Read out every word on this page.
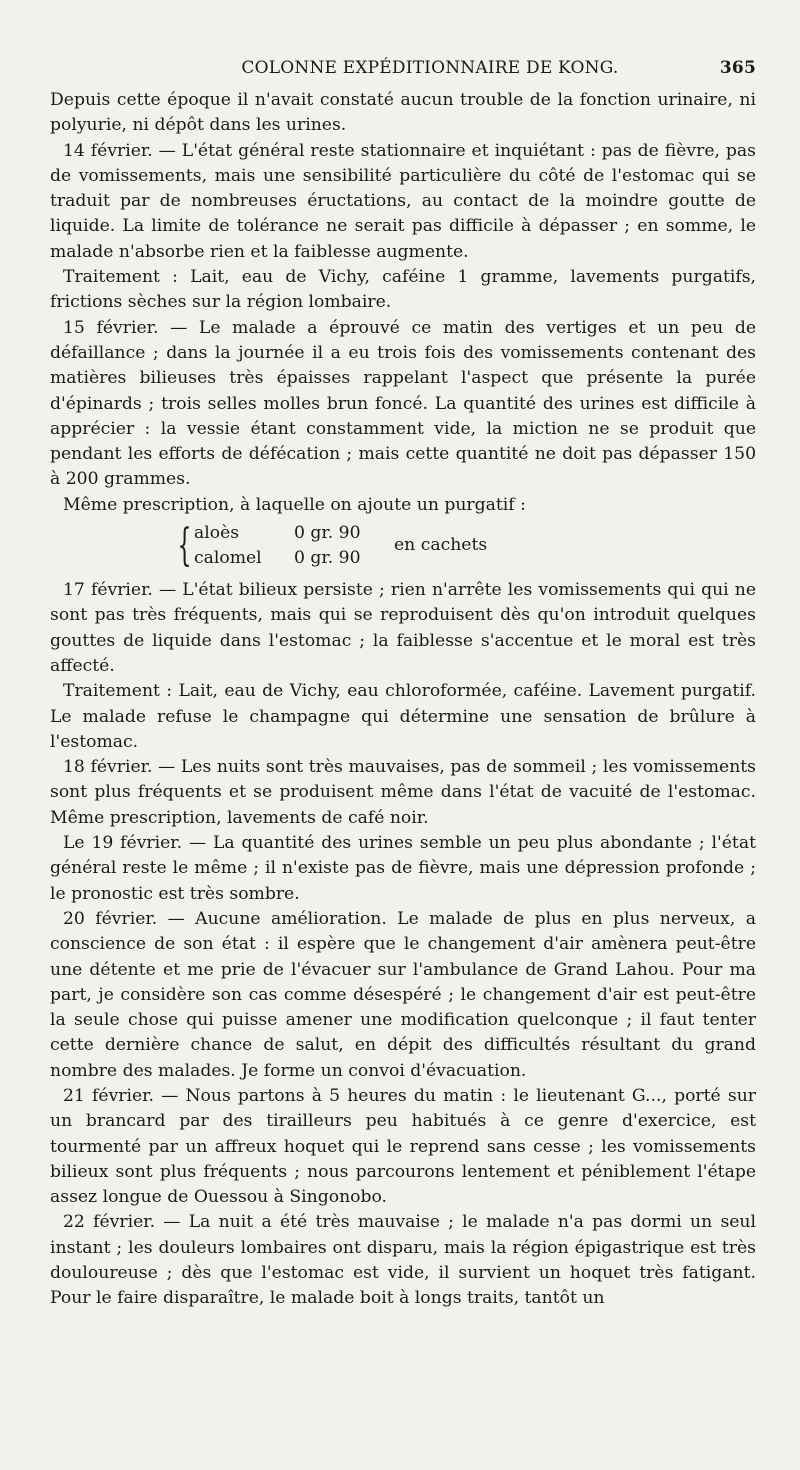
COLONNE EXPÉDITIONNAIRE DE KONG.	365

Depuis cette époque il n'avait constaté aucun trouble de la fonction urinaire, ni polyurie, ni dépôt dans les urines.

14 février. — L'état général reste stationnaire et inquiétant : pas de fièvre, pas de vomissements, mais une sensibilité particulière du côté de l'estomac qui se traduit par de nombreuses éructations, au contact de la moindre goutte de liquide. La limite de tolérance ne serait pas difficile à dépasser ; en somme, le malade n'absorbe rien et la faiblesse augmente.

Traitement : Lait, eau de Vichy, caféine 1 gramme, lavements purgatifs, frictions sèches sur la région lombaire.

15 février. — Le malade a éprouvé ce matin des vertiges et un peu de défaillance ; dans la journée il a eu trois fois des vomissements contenant des matières bilieuses très épaisses rappelant l'aspect que présente la purée d'épinards ; trois selles molles brun foncé. La quantité des urines est difficile à apprécier : la vessie étant constamment vide, la miction ne se produit que pendant les efforts de défécation ; mais cette quantité ne doit pas dépasser 150 à 200 grammes.

Même prescription, à laquelle on ajoute un purgatif :

{ aloès	0 gr. 90
calomel	0 gr. 90
en cachets

17 février. — L'état bilieux persiste ; rien n'arrête les vomissements qui qui ne sont pas très fréquents, mais qui se reproduisent dès qu'on introduit quelques gouttes de liquide dans l'estomac ; la faiblesse s'accentue et le moral est très affecté.

Traitement : Lait, eau de Vichy, eau chloroformée, caféine. Lavement purgatif. Le malade refuse le champagne qui détermine une sensation de brûlure à l'estomac.

18 février. — Les nuits sont très mauvaises, pas de sommeil ; les vomissements sont plus fréquents et se produisent même dans l'état de vacuité de l'estomac. Même prescription, lavements de café noir.

Le 19 février. — La quantité des urines semble un peu plus abondante ; l'état général reste le même ; il n'existe pas de fièvre, mais une dépression profonde ; le pronostic est très sombre.

20 février. — Aucune amélioration. Le malade de plus en plus nerveux, a conscience de son état : il espère que le changement d'air amènera peut-être une détente et me prie de l'évacuer sur l'ambulance de Grand Lahou. Pour ma part, je considère son cas comme désespéré ; le changement d'air est peut-être la seule chose qui puisse amener une modification quelconque ; il faut tenter cette dernière chance de salut, en dépit des difficultés résultant du grand nombre des malades. Je forme un convoi d'évacuation.

21 février. — Nous partons à 5 heures du matin : le lieutenant G..., porté sur un brancard par des tirailleurs peu habitués à ce genre d'exercice, est tourmenté par un affreux hoquet qui le reprend sans cesse ; les vomissements bilieux sont plus fréquents ; nous parcourons lentement et péniblement l'étape assez longue de Ouessou à Singonobo.

22 février. — La nuit a été très mauvaise ; le malade n'a pas dormi un seul instant ; les douleurs lombaires ont disparu, mais la région épigastrique est très douloureuse ; dès que l'estomac est vide, il survient un hoquet très fatigant. Pour le faire disparaître, le malade boit à longs traits, tantôt un
